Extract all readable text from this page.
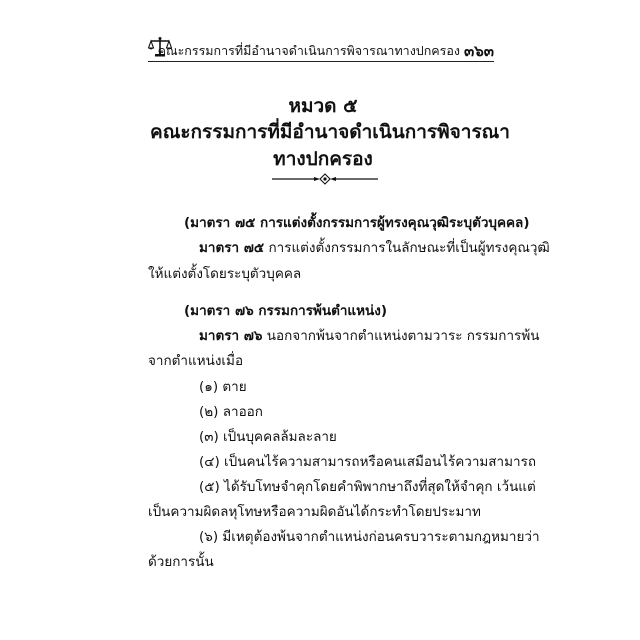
คณะกรรมการที่มีอำนาจดำเนินการพิจารณาทางปกครอง ๓๖๓
หมวด ๕
คณะกรรมการที่มีอำนาจดำเนินการพิจารณา
ทางปกครอง
(มาตรา ๗๕ การแต่งตั้งกรรมการผู้ทรงคุณวุฒิระบุตัวบุคคล)
มาตรา ๗๕ การแต่งตั้งกรรมการในลักษณะที่เป็นผู้ทรงคุณวุฒิ
ให้แต่งตั้งโดยระบุตัวบุคคล
(มาตรา ๗๖ กรรมการพ้นตำแหน่ง)
มาตรา ๗๖ นอกจากพ้นจากตำแหน่งตามวาระ กรรมการพ้น
จากตำแหน่งเมื่อ
(๑) ตาย
(๒) ลาออก
(๓) เป็นบุคคลล้มละลาย
(๔) เป็นคนไร้ความสามารถหรือคนเสมือนไร้ความสามารถ
(๕) ได้รับโทษจำคุกโดยคำพิพากษาถึงที่สุดให้จำคุก เว้นแต่
เป็นความผิดลหุโทษหรือความผิดอันได้กระทำโดยประมาท
(๖) มีเหตุต้องพ้นจากตำแหน่งก่อนครบวาระตามกฎหมายว่า
ด้วยการนั้น
